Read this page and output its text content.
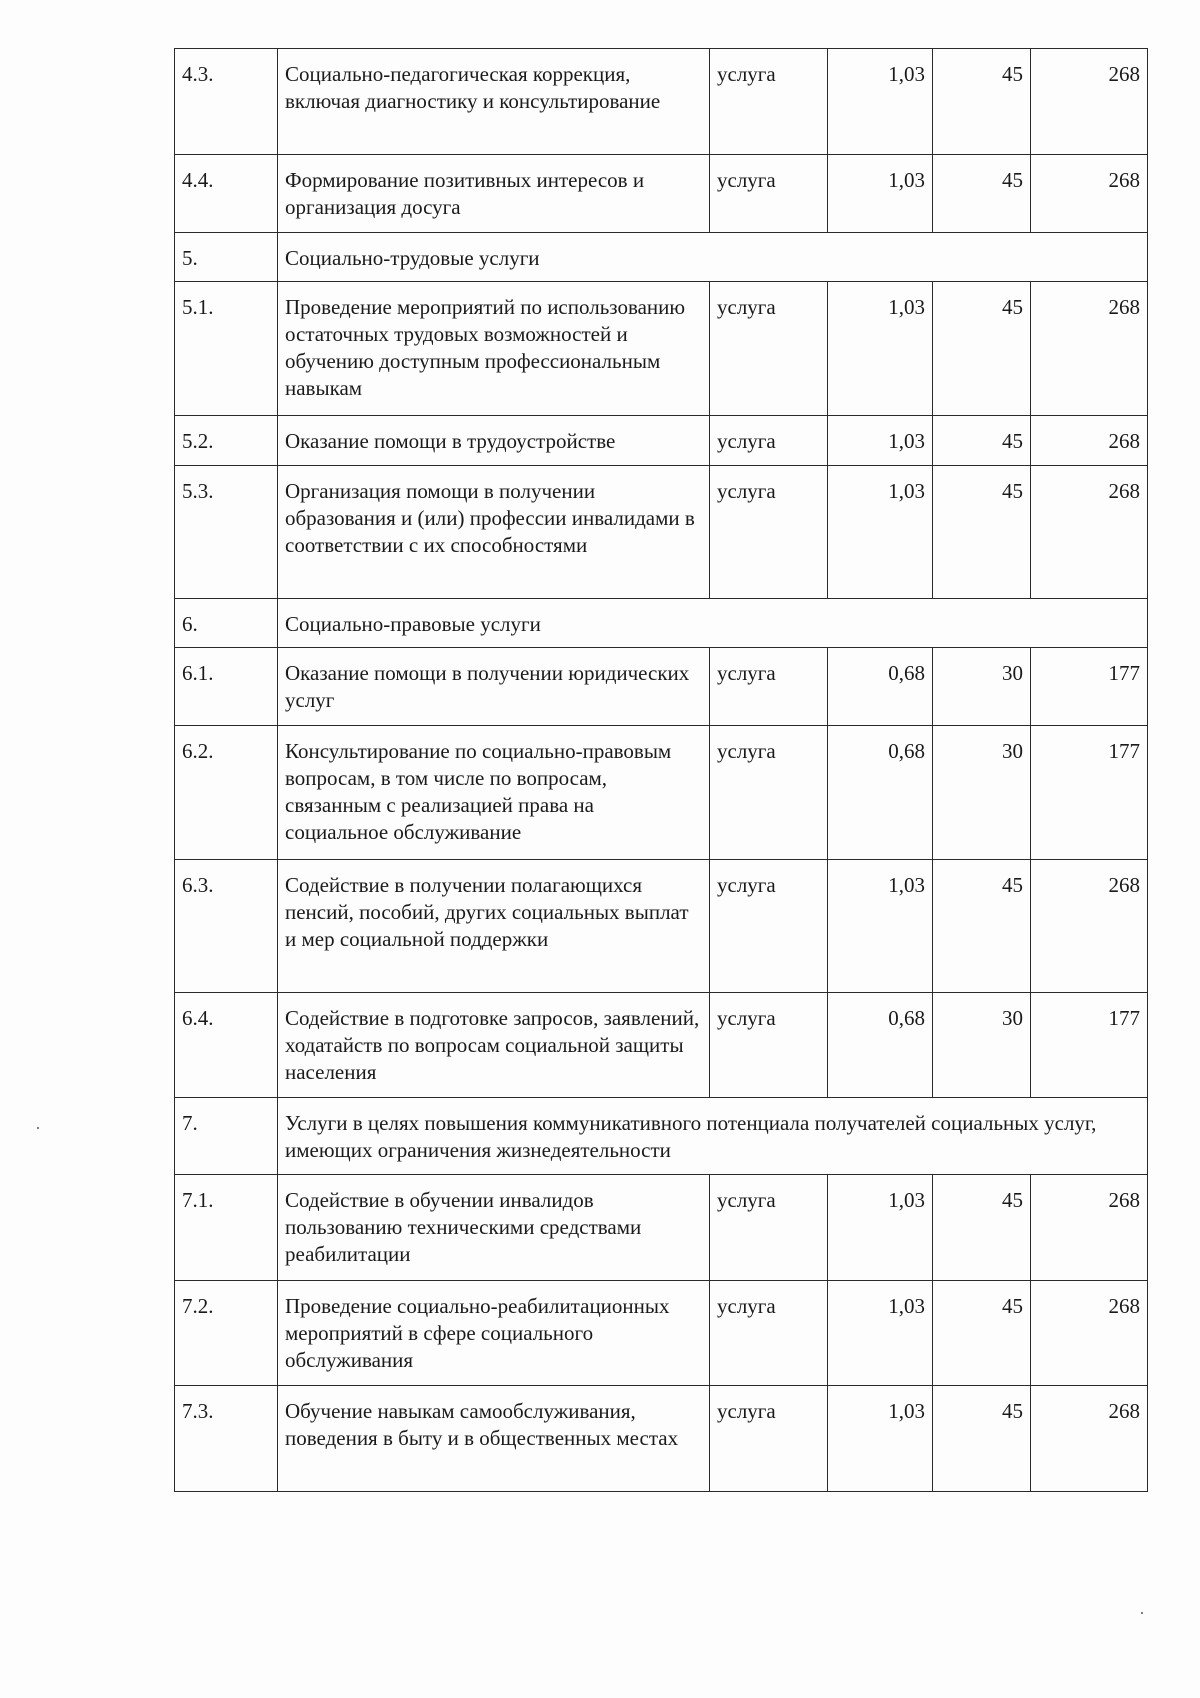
4.3.	Социально-педагогическая коррекция, включая диагностику и консультирование	услуга	1,03	45	268
4.4.	Формирование позитивных интересов и организация досуга	услуга	1,03	45	268
5.	Социально-трудовые услуги				
5.1.	Проведение мероприятий по использованию остаточных трудовых возможностей и обучению доступным профессиональным навыкам	услуга	1,03	45	268
5.2.	Оказание помощи в трудоустройстве	услуга	1,03	45	268
5.3.	Организация помощи в получении образования и (или) профессии инвалидами в соответствии с их способностями	услуга	1,03	45	268
6.	Социально-правовые услуги				
6.1.	Оказание помощи в получении юридических услуг	услуга	0,68	30	177
6.2.	Консультирование по социально-правовым вопросам, в том числе по вопросам, связанным с реализацией права на социальное обслуживание	услуга	0,68	30	177
6.3.	Содействие в получении полагающихся пенсий, пособий, других социальных выплат и мер социальной поддержки	услуга	1,03	45	268
6.4.	Содействие в подготовке запросов, заявлений, ходатайств по вопросам социальной защиты населения	услуга	0,68	30	177
7.	Услуги в целях повышения коммуникативного потенциала получателей социальных услуг, имеющих ограничения жизнедеятельности				
7.1.	Содействие в обучении инвалидов пользованию техническими средствами реабилитации	услуга	1,03	45	268
7.2.	Проведение социально-реабилитационных мероприятий в сфере социального обслуживания	услуга	1,03	45	268
7.3.	Обучение навыкам самообслуживания, поведения в быту и в общественных местах	услуга	1,03	45	268
